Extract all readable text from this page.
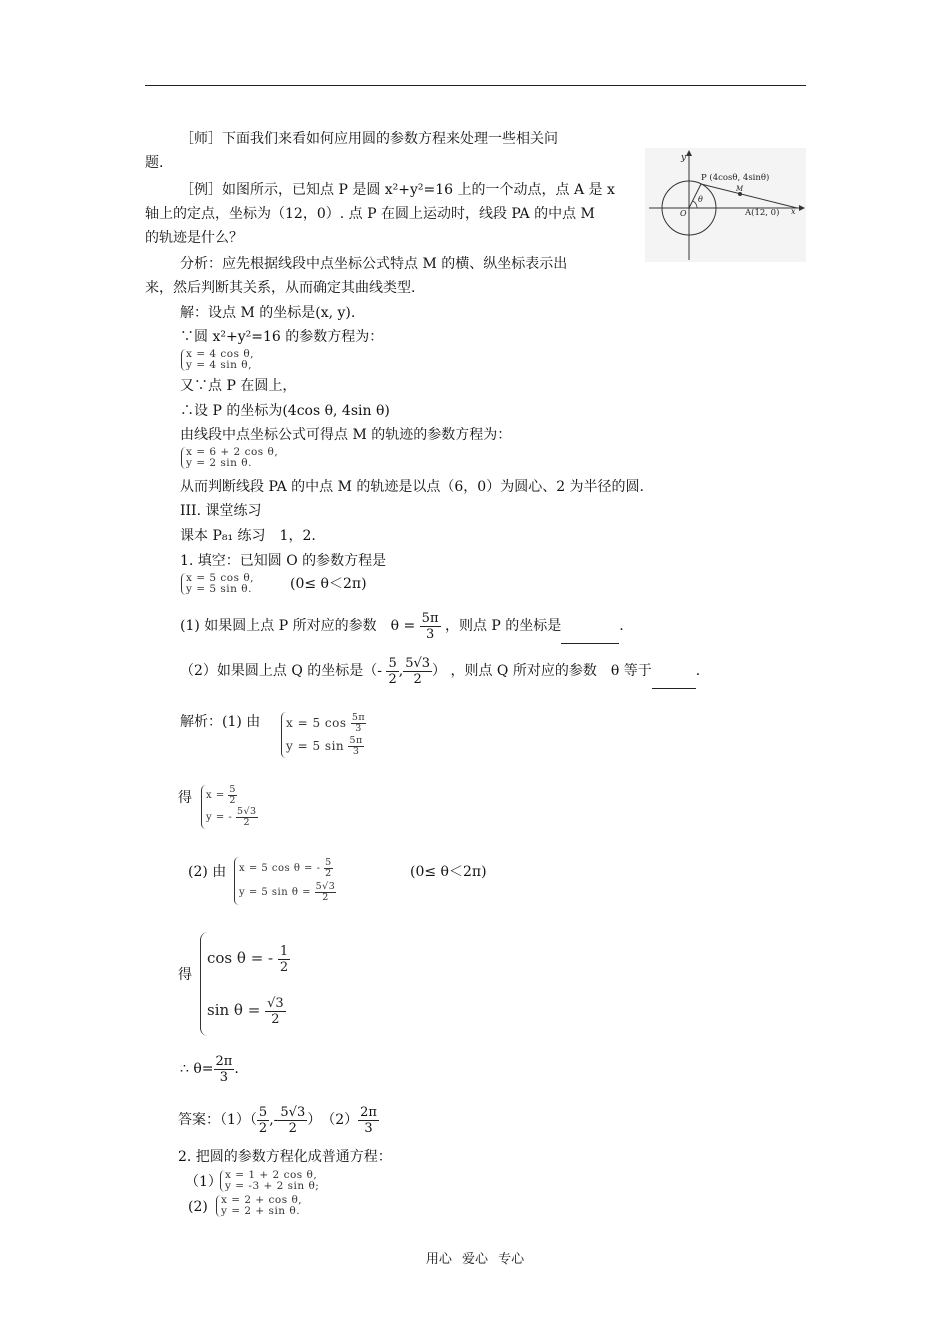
［师］下面我们来看如何应用圆的参数方程来处理一些相关问
题.
［例］如图所示，已知点 P 是圆 x²+y²=16 上的一个动点，点 A 是 x
轴上的定点，坐标为（12，0）. 点 P 在圆上运动时，线段 PA 的中点 M
的轨迹是什么？
分析：应先根据线段中点坐标公式特点 M 的横、纵坐标表示出
来，然后判断其关系，从而确定其曲线类型.
y
x
O
θ
M
P (4cosθ, 4sinθ)
A(12, 0)
解：设点 M 的坐标是(x, y).
∵圆 x²+y²=16 的参数方程为：
x = 4 cos θ,
y = 4 sin θ,
又∵点 P 在圆上，
∴设 P 的坐标为(4cos θ, 4sin θ)
由线段中点坐标公式可得点 M 的轨迹的参数方程为：
x = 6 + 2 cos θ,
y = 2 sin θ.
从而判断线段 PA 的中点 M 的轨迹是以点（6，0）为圆心、2 为半径的圆.
III. 课堂练习
课本 P₈₁ 练习　1，2.
1. 填空：已知圆 O 的参数方程是
x = 5 cos θ,
y = 5 sin θ.	(0≤ θ＜2π)
(1) 如果圆上点 P 所对应的参数　$\theta = \frac{5\pi}{3}$ ，则点 P 的坐标是	.
（2）如果圆上点 Q 的坐标是（- $\frac{5}{2}$ , $\frac{5√3}{2}$ ） ，则点 Q 所对应的参数　θ 等于	.
解析：(1) 由 x = 5 $\cos \frac{5\pi}{3}$
y = 5 $\sin \frac{5\pi}{3}$
得 $x = \frac{5}{2}$
y = - $\frac{5√3}{2}$
(2) 由 x = 5 cos θ = - $\frac{5}{2}$
y = 5 $\sin \theta = \frac{5√3}{2}$
(0≤ θ＜2π)
得
cos θ = - $\frac{1}{2}$
$\sin \theta = \frac{√3}{2}$
∴ $\theta= \frac{2\pi}{3}$ .
答案：$(1)( \frac{5}{2}$ ,- $\frac{5√3}{2}$ ）　$(2) \frac{2\pi}{3}$
2. 把圆的参数方程化成普通方程：
（1） x = 1 + 2 cos θ,
y = -3 + 2 sin θ;
(2) x = 2 + cos θ,
y = 2 + sin θ.
用心 爱心 专心
